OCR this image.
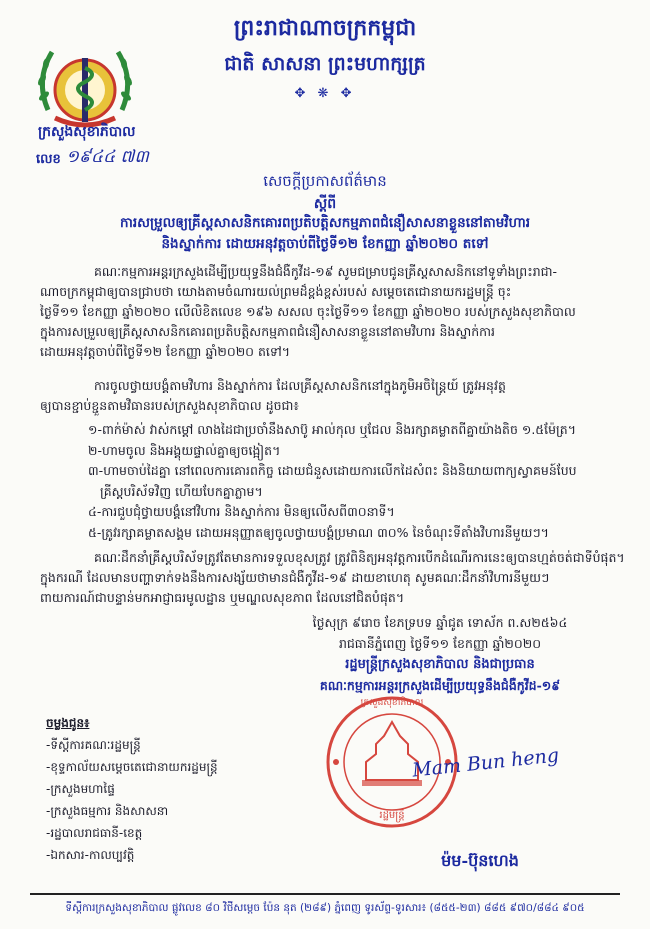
ព្រះរាជាណាចក្រកម្ពុជា
ជាតិ សាសនា ព្រះមហាក្សត្រ
✥ ❋ ✥
ក្រសួងសុខាភិបាល
លេខ ១៩៤៤ ៧៣
សេចក្តីប្រកាសព័ត៌មាន
ស្តីពី
ការសម្រួលឲ្យគ្រីស្តសាសនិកគោរពប្រតិបត្តិសកម្មភាពជំនឿសាសនាខ្លួននៅតាមវិហារ
និងស្នាក់ការ ដោយអនុវត្តចាប់ពីថ្ងៃទី១២ ខែកញ្ញា ឆ្នាំ២០២០ តទៅ
គណៈកម្មការអន្តរក្រសួងដើម្បីប្រយុទ្ធនឹងជំងឺកូវីដ-១៩ សូមជម្រាបជូនគ្រីស្តសាសនិកនៅទូទាំងព្រះរាជា-
ណាចក្រកម្ពុជាឲ្យបានជ្រាបថា យោងតាមចំណារយល់ព្រមដ៏ខ្ពង់ខ្ពស់របស់ សម្តេចតេជោនាយករដ្ឋមន្ត្រី ចុះ
ថ្ងៃទី១១ ខែកញ្ញា ឆ្នាំ២០២០ លើលិខិតលេខ ១៩៦ សសល ចុះថ្ងៃទី១១ ខែកញ្ញា ឆ្នាំ២០២០ របស់ក្រសួងសុខាភិបាល
ក្នុងការសម្រួលឲ្យគ្រីស្តសាសនិកគោរពប្រតិបត្តិសកម្មភាពជំនឿសាសនាខ្លួននៅតាមវិហារ និងស្នាក់ការ
ដោយអនុវត្តចាប់ពីថ្ងៃទី១២ ខែកញ្ញា ឆ្នាំ២០២០ តទៅ។
ការចូលថ្វាយបង្គំតាមវិហារ និងស្នាក់ការ ដែលគ្រីស្តសាសនិកនៅក្នុងភូមិអចិន្ត្រៃយ៍ ត្រូវអនុវត្ត
ឲ្យបានខ្ជាប់ខ្ជួនតាមវិធានរបស់ក្រសួងសុខាភិបាល ដូចជា៖
១-ពាក់ម៉ាស់ វាស់កម្តៅ លាងដៃជាប្រចាំនឹងសាប៊ូ អាល់កុល ឬជែល និងរក្សាគម្លាតពីគ្នាយ៉ាងតិច ១.៥ម៉ែត្រ។
២-ហាមចូល និងអង្គុយផ្ទាល់គ្នាឲ្យចង្អៀត។
៣-ហាមចាប់ដៃគ្នា នៅពេលការគោរពកិច្ច ដោយជំនួសដោយការលើកដៃសំពះ និងនិយាយពាក្យស្វាគមន៍បែប
គ្រីស្តបរិស័ទវិញ ហើយបែកគ្នាភ្លាម។
៤-ការជួបជុំថ្វាយបង្គំនៅវិហារ និងស្នាក់ការ មិនឲ្យលើសពី៣០នាទី។
៥-ត្រូវរក្សាគម្លាតសង្គម ដោយអនុញ្ញាតឲ្យចូលថ្វាយបង្គំប្រមាណ ៣០% នៃចំណុះទីតាំងវិហារនីមួយៗ។
គណៈដឹកនាំគ្រីស្តបរិស័ទត្រូវតែមានការទទួលខុសត្រូវ ត្រូវពិនិត្យអនុវត្តការបើកដំណើរការនេះឲ្យបានហ្មត់ចត់ជាទីបំផុត។
ក្នុងករណី ដែលមានបញ្ហាទាក់ទងនឹងការសង្ស័យថាមានជំងឺកូវីដ-១៩ ដាយខាហេតុ សូមគណៈដឹកនាំវិហារនីមួយៗ
ពាយការណ៍ជាបន្ទាន់មកអាជ្ញាធរមូលដ្ឋាន ឬមណ្ឌលសុខភាព ដែលនៅជិតបំផុត។
ថ្ងៃសុក្រ ៩រោច ខែភទ្របទ ឆ្នាំជូត ទោស័ក ព.ស២៥៦៤
រាជធានីភ្នំពេញ ថ្ងៃទី១១ ខែកញ្ញា ឆ្នាំ២០២០
រដ្ឋមន្ត្រីក្រសួងសុខាភិបាល និងជាប្រធាន
គណៈកម្មការអន្តរក្រសួងដើម្បីប្រយុទ្ធនឹងជំងឺកូវីដ-១៩
ក្រសួងសុខាភិបាល
រដ្ឋមន្ត្រី
Mam Bun heng
ម៉ម-ប៊ុនហេង
ចម្លងជូន៖
-ទីស្តីការគណៈរដ្ឋមន្ត្រី
-ខុទ្ទកាល័យសម្តេចតេជោនាយករដ្ឋមន្ត្រី
-ក្រសួងមហាផ្ទៃ
-ក្រសួងធម្មការ និងសាសនា
-រដ្ឋបាលរាជធានី-ខេត្ត
-ឯកសារ-កាលប្បវត្តិ
ទីស្តីការក្រសួងសុខាភិបាល ផ្លូវលេខ ៨០ វិថីសម្តេច ប៉ែន នុត (២៨៩) ភ្នំពេញ ទូរស័ព្ទ-ទូរសារ៖ (៨៥៥-២៣) ៨៨៥ ៩៧០/៨៨៤ ៩០៥
